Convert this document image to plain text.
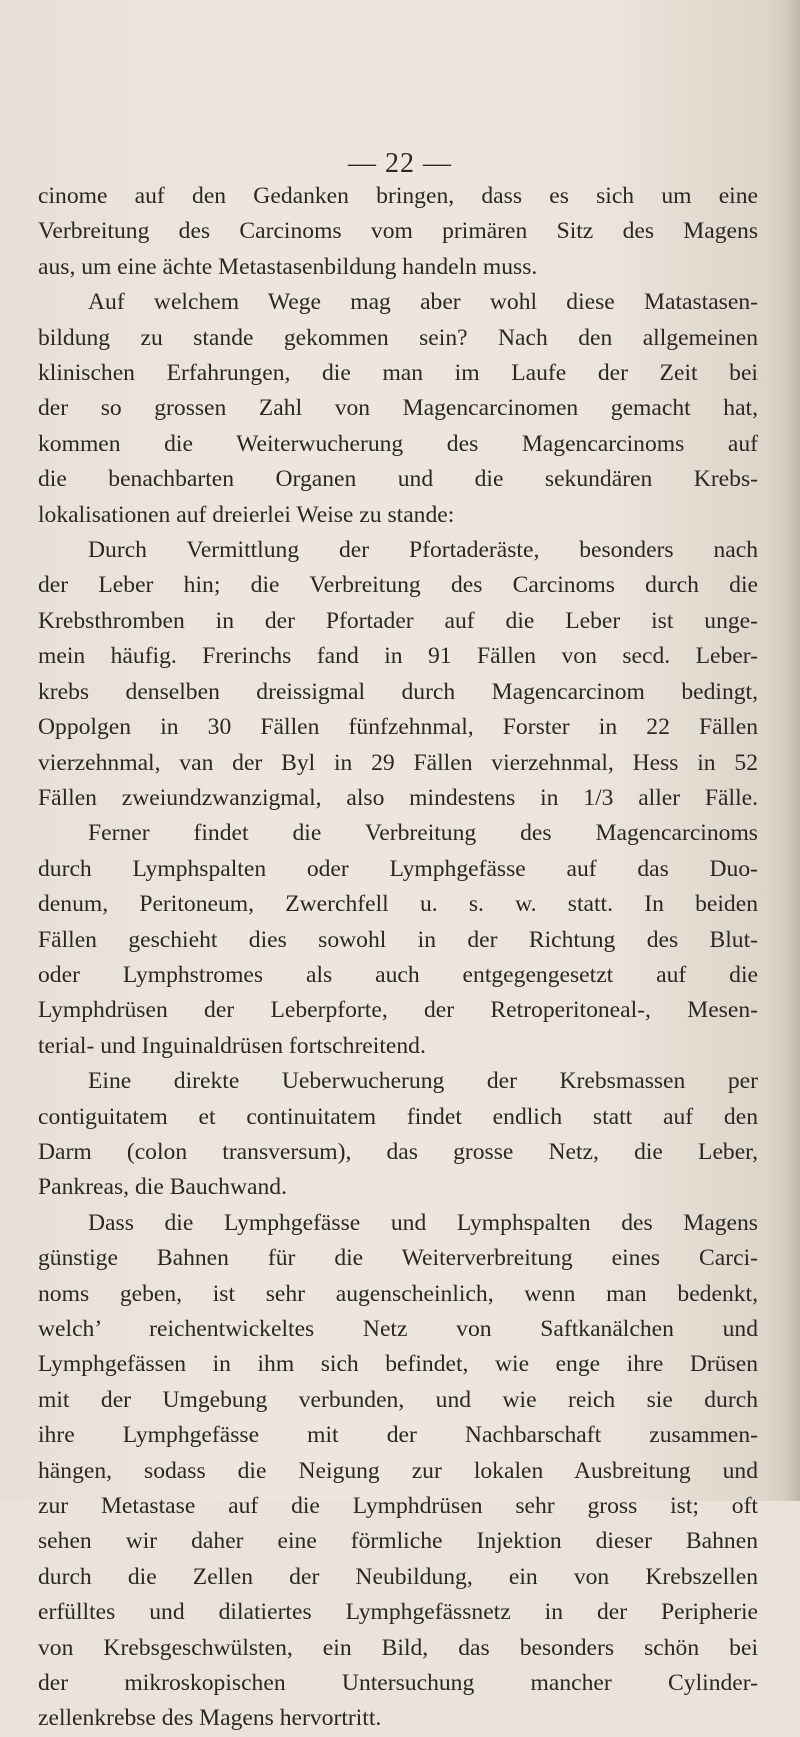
— 22 —
cinome auf den Gedanken bringen, dass es sich um eine
Verbreitung des Carcinoms vom primären Sitz des Magens
aus, um eine ächte Metastasenbildung handeln muss.
Auf welchem Wege mag aber wohl diese Matastasen-
bildung zu stande gekommen sein? Nach den allgemeinen
klinischen Erfahrungen, die man im Laufe der Zeit bei
der so grossen Zahl von Magencarcinomen gemacht hat,
kommen die Weiterwucherung des Magencarcinoms auf
die benachbarten Organen und die sekundären Krebs-
lokalisationen auf dreierlei Weise zu stande:
Durch Vermittlung der Pfortaderäste, besonders nach
der Leber hin; die Verbreitung des Carcinoms durch die
Krebsthromben in der Pfortader auf die Leber ist unge-
mein häufig. Frerinchs fand in 91 Fällen von secd. Leber-
krebs denselben dreissigmal durch Magencarcinom bedingt,
Oppolgen in 30 Fällen fünfzehnmal, Forster in 22 Fällen
vierzehnmal, van der Byl in 29 Fällen vierzehnmal, Hess in 52
Fällen zweiundzwanzigmal, also mindestens in 1/3 aller Fälle.
Ferner findet die Verbreitung des Magencarcinoms
durch Lymphspalten oder Lymphgefässe auf das Duo-
denum, Peritoneum, Zwerchfell u. s. w. statt. In beiden
Fällen geschieht dies sowohl in der Richtung des Blut-
oder Lymphstromes als auch entgegengesetzt auf die
Lymphdrüsen der Leberpforte, der Retroperitoneal-, Mesen-
terial- und Inguinaldrüsen fortschreitend.
Eine direkte Ueberwucherung der Krebsmassen per
contiguitatem et continuitatem findet endlich statt auf den
Darm (colon transversum), das grosse Netz, die Leber,
Pankreas, die Bauchwand.
Dass die Lymphgefässe und Lymphspalten des Magens
günstige Bahnen für die Weiterverbreitung eines Carci-
noms geben, ist sehr augenscheinlich, wenn man bedenkt,
welch’ reichentwickeltes Netz von Saftkanälchen und
Lymphgefässen in ihm sich befindet, wie enge ihre Drüsen
mit der Umgebung verbunden, und wie reich sie durch
ihre Lymphgefässe mit der Nachbarschaft zusammen-
hängen, sodass die Neigung zur lokalen Ausbreitung und
zur Metastase auf die Lymphdrüsen sehr gross ist; oft
sehen wir daher eine förmliche Injektion dieser Bahnen
durch die Zellen der Neubildung, ein von Krebszellen
erfülltes und dilatiertes Lymphgefässnetz in der Peripherie
von Krebsgeschwülsten, ein Bild, das besonders schön bei
der mikroskopischen Untersuchung mancher Cylinder-
zellenkrebse des Magens hervortritt.
